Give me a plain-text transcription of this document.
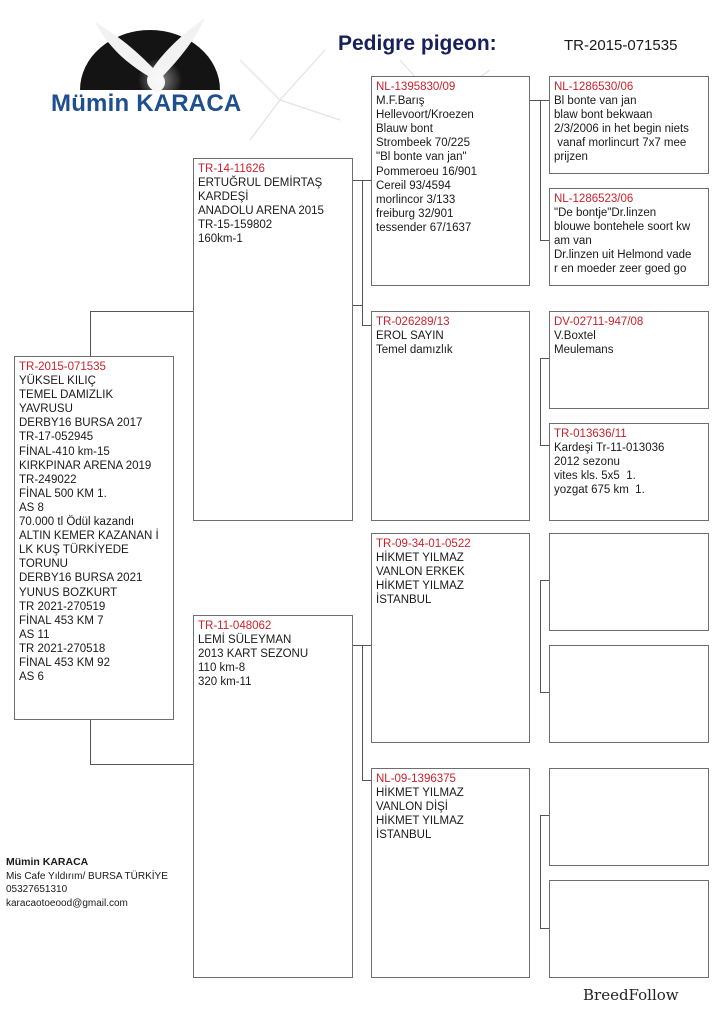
Mümin KARACA
Pedigre pigeon:	TR-2015-071535
TR-2015-071535
YÜKSEL KILIÇ
TEMEL DAMIZLIK
YAVRUSU
DERBY16 BURSA 2017
TR-17-052945
FİNAL-410 km-15
KIRKPINAR ARENA 2019
TR-249022
FİNAL 500 KM 1.
AS 8
70.000 tl Ödül kazandı
ALTIN KEMER KAZANAN İ
LK KUŞ TÜRKİYEDE
TORUNU
DERBY16 BURSA 2021
YUNUS BOZKURT
TR 2021-270519
FİNAL 453 KM 7
AS 11
TR 2021-270518
FİNAL 453 KM 92
AS 6
TR-14-11626
ERTUĞRUL DEMİRTAŞ
KARDEŞİ
ANADOLU ARENA 2015
TR-15-159802
160km-1
TR-11-048062
LEMİ SÜLEYMAN
2013 KART SEZONU
110 km-8
320 km-11
NL-1395830/09
M.F.Barış
Hellevoort/Kroezen
Blauw bont
Strombeek 70/225
"Bl bonte van jan"
Pommeroeu 16/901
Cereil 93/4594
morlincor 3/133
freiburg 32/901
tessender 67/1637
TR-026289/13
EROL SAYIN
Temel damızlık
TR-09-34-01-0522
HİKMET YILMAZ
VANLON ERKEK
HİKMET YILMAZ
İSTANBUL
NL-09-1396375
HİKMET YILMAZ
VANLON DİŞİ
HİKMET YILMAZ
İSTANBUL
NL-1286530/06
Bl bonte van jan
blaw bont bekwaan
2/3/2006 in het begin niets
vanaf morlincurt 7x7 mee
prijzen
NL-1286523/06
"De bontje"Dr.linzen
blouwe bontehele soort kw
am van
Dr.linzen uit Helmond vade
r en moeder zeer goed go
DV-02711-947/08
V.Boxtel
Meulemans
TR-013636/11
Kardeşi Tr-11-013036
2012 sezonu
vites kls. 5x5  1.
yozgat 675 km  1.
Mümin KARACA
Mis Cafe Yıldırım/ BURSA TÜRKİYE
05327651310
karacaotoeood@gmail.com
BreedFollow
